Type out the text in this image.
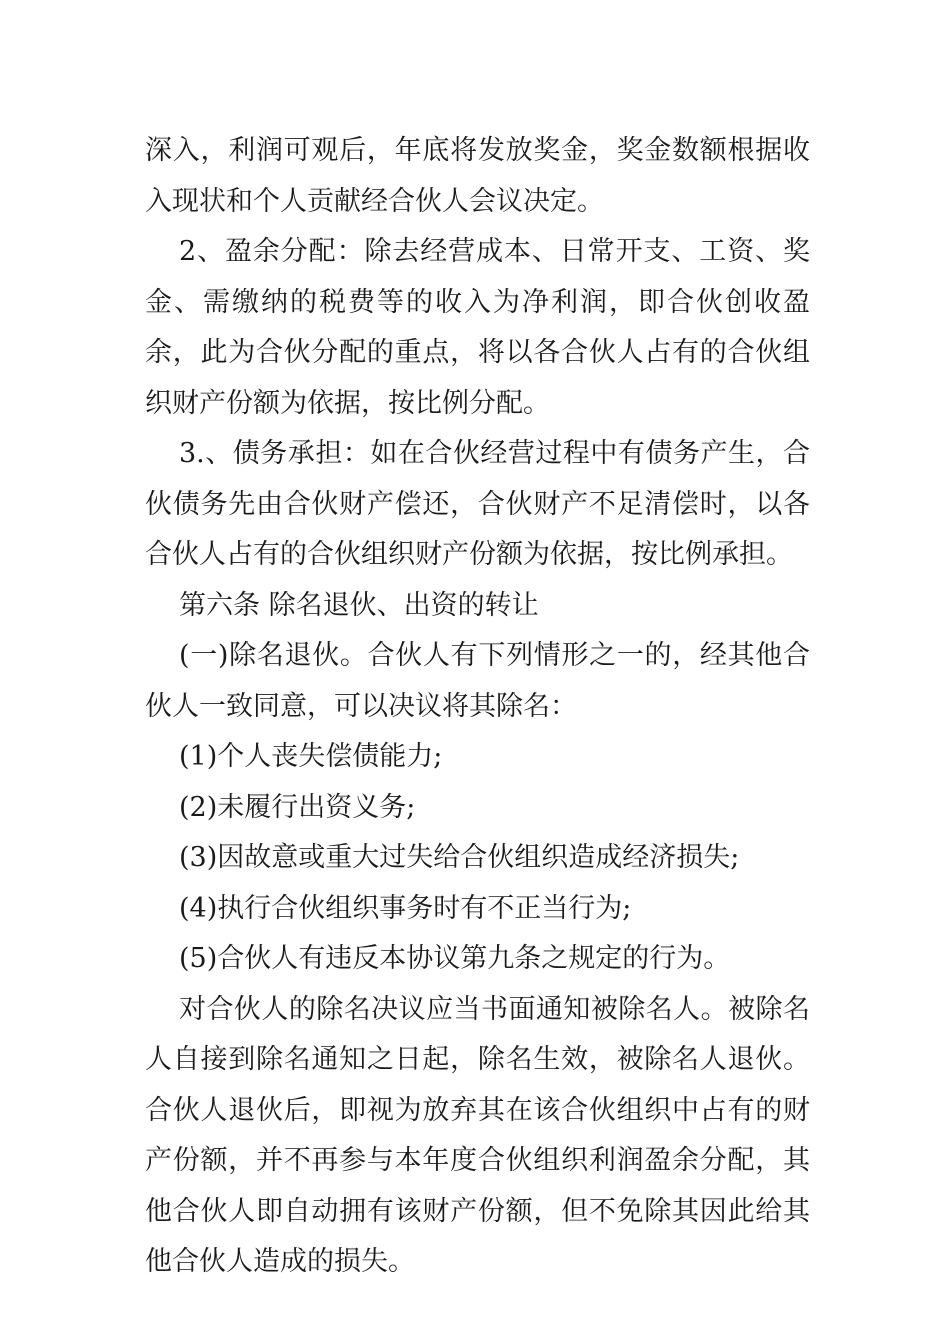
深入，利润可观后，年底将发放奖金，奖金数额根据收入现状和个人贡献经合伙人会议决定。

2、盈余分配：除去经营成本、日常开支、工资、奖金、需缴纳的税费等的收入为净利润，即合伙创收盈余，此为合伙分配的重点，将以各合伙人占有的合伙组织财产份额为依据，按比例分配。

3.、债务承担：如在合伙经营过程中有债务产生，合伙债务先由合伙财产偿还，合伙财产不足清偿时，以各合伙人占有的合伙组织财产份额为依据，按比例承担。

第六条 除名退伙、出资的转让

(一)除名退伙。合伙人有下列情形之一的，经其他合伙人一致同意，可以决议将其除名：

(1)个人丧失偿债能力;

(2)未履行出资义务;

(3)因故意或重大过失给合伙组织造成经济损失;

(4)执行合伙组织事务时有不正当行为;

(5)合伙人有违反本协议第九条之规定的行为。

对合伙人的除名决议应当书面通知被除名人。被除名人自接到除名通知之日起，除名生效，被除名人退伙。合伙人退伙后，即视为放弃其在该合伙组织中占有的财产份额，并不再参与本年度合伙组织利润盈余分配，其他合伙人即自动拥有该财产份额，但不免除其因此给其他合伙人造成的损失。
